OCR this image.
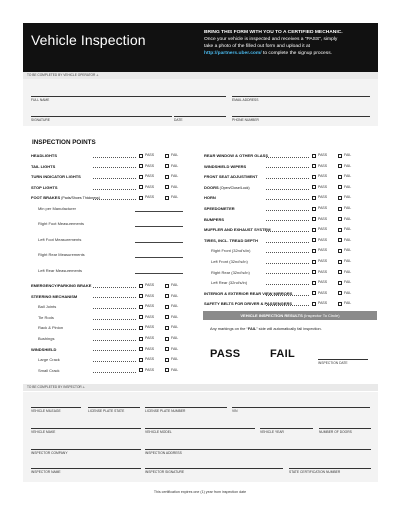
Vehicle Inspection	BRING THIS FORM WITH YOU TO A CERTIFIED MECHANIC.
Once your vehicle is inspected and receives a “PASS”, simply
take a photo of the filled out form and upload it at
http://partners.uber.com/ to complete the signup process.
TO BE COMPLETED BY VEHICLE OPERATOR ⟂
FULL NAME	EMAIL ADDRESS
SIGNATURE	DATE	PHONE NUMBER
INSPECTION POINTS
HEADLIGHTS	PASS	FAIL
TAIL LIGHTS	PASS	FAIL
TURN INDICATOR LIGHTS	PASS	FAIL
STOP LIGHTS	PASS	FAIL
FOOT BRAKES (Pads/Shoes Thickness)	PASS	FAIL
Min per Manufacturer
Right Foot Measurements
Left Foot Measurements
Right Rear Measurements
Left Rear Measurements
EMERGENCY/PARKING BRAKE	PASS	FAIL
STEERING MECHANISM	PASS	FAIL
Ball Joints	PASS	FAIL
Tie Rods	PASS	FAIL
Rack & Pinion	PASS	FAIL
Bushings	PASS	FAIL
WINDSHIELD	PASS	FAIL
Large Crack	PASS	FAIL
Small Crack	PASS	FAIL
REAR WINDOW & OTHER GLASS	PASS	FAIL
WINDSHIELD WIPERS	PASS	FAIL
FRONT SEAT ADJUSTMENT	PASS	FAIL
DOORS (Open/Close/Lock)	PASS	FAIL
HORN	PASS	FAIL
SPEEDOMETER	PASS	FAIL
BUMPERS	PASS	FAIL
MUFFLER AND EXHAUST SYSTEM	PASS	FAIL
TIRES, INCL. TREAD DEPTH	PASS	FAIL
Right Front (32nd's/in)	PASS	FAIL
Left Front (32nd's/in)	PASS	FAIL
Right Rear (32nd's/in)	PASS	FAIL
Left Rear (32nd's/in)	PASS	FAIL
INTERIOR & EXTERIOR REAR VIEW MIRRORS	PASS	FAIL
SAFETY BELTS FOR DRIVER & PASSENGERS	PASS	FAIL
VEHICLE INSPECTION RESULTS (Inspector To Circle)
Any markings on the “FAIL” side will automatically fail inspection.
PASS	FAIL
INSPECTION DATE
TO BE COMPLETED BY INSPECTOR ⟂
VEHICLE MILEAGE	LICENSE PLATE STATE	LICENSE PLATE NUMBER	VIN
VEHICLE MAKE	VEHICLE MODEL	VEHICLE YEAR	NUMBER OF DOORS
INSPECTOR COMPANY	INSPECTION ADDRESS
INSPECTOR NAME	INSPECTOR SIGNATURE	STATE CERTIFICATION NUMBER
This certification expires one (1) year from inspection date
